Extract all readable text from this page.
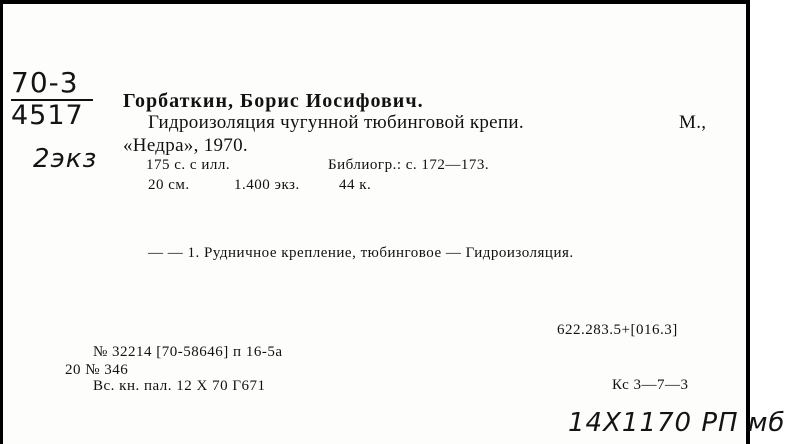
70-3
4517
2экз
Горбаткин, Борис Иосифович.
Гидроизоляция чугунной тюбинговой крепи.	М.,
«Недра», 1970.
175 с. с илл.	Библиогр.: с. 172—173.
20 см.	1.400 экз.	44 к.
— — 1. Рудничное крепление, тюбинговое — Гидроизоляция.
622.283.5+[016.3]
№ 32214 [70-58646] п 16-5а
20 № 346
Вс. кн. пал. 12 X 70 Г671	Кс 3—7—3
14X1170 РП мб
